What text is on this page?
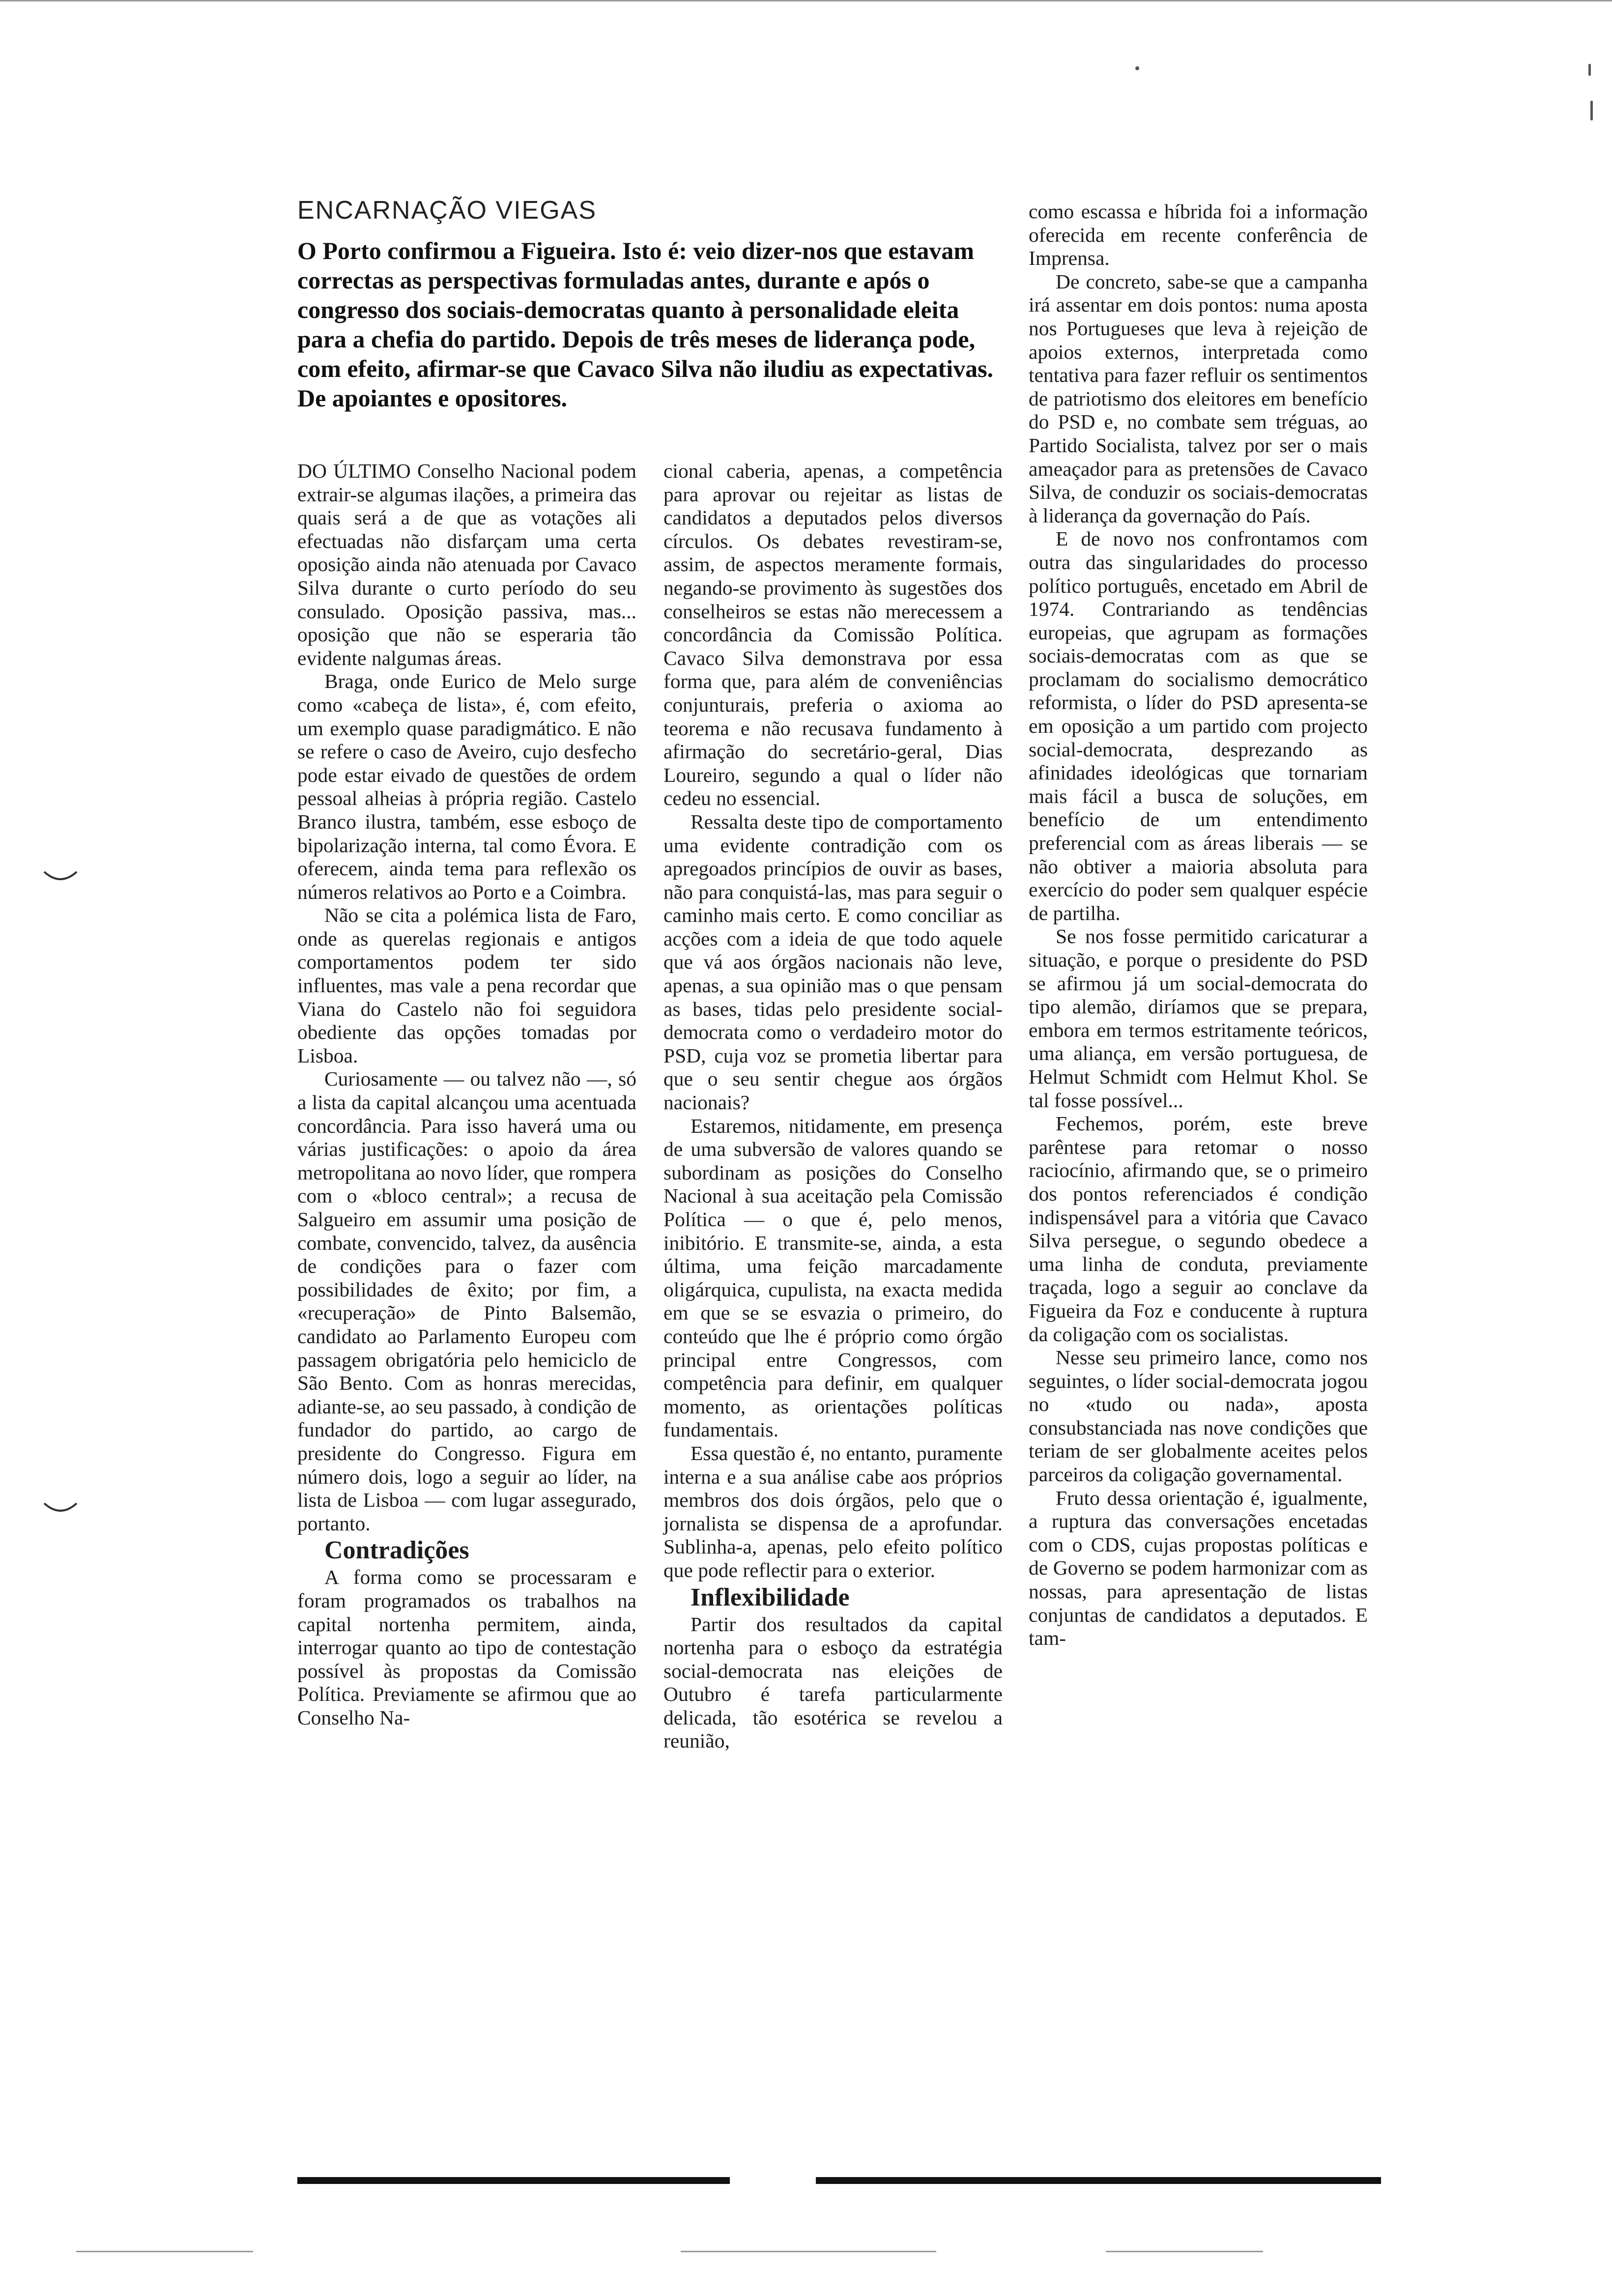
ENCARNAÇÃO VIEGAS
O Porto confirmou a Figueira. Isto é: veio dizer-nos que estavam correctas as perspectivas formuladas antes, durante e após o congresso dos sociais-democratas quanto à personalidade eleita para a chefia do partido. Depois de três meses de liderança pode, com efeito, afirmar-se que Cavaco Silva não iludiu as expectativas. De apoiantes e opositores.

DO ÚLTIMO Conselho Nacional podem extrair-se algumas ilações, a primeira das quais será a de que as votações ali efectuadas não disfarçam uma certa oposição ainda não atenuada por Cavaco Silva durante o curto período do seu consulado. Oposição passiva, mas... oposição que não se esperaria tão evidente nalgumas áreas.

Braga, onde Eurico de Melo surge como «cabeça de lista», é, com efeito, um exemplo quase paradigmático. E não se refere o caso de Aveiro, cujo desfecho pode estar eivado de questões de ordem pessoal alheias à própria região. Castelo Branco ilustra, também, esse esboço de bipolarização interna, tal como Évora. E oferecem, ainda tema para reflexão os números relativos ao Porto e a Coimbra.

Não se cita a polémica lista de Faro, onde as querelas regionais e antigos comportamentos podem ter sido influentes, mas vale a pena recordar que Viana do Castelo não foi seguidora obediente das opções tomadas por Lisboa.

Curiosamente — ou talvez não —, só a lista da capital alcançou uma acentuada concordância. Para isso haverá uma ou várias justificações: o apoio da área metropolitana ao novo líder, que rompera com o «bloco central»; a recusa de Salgueiro em assumir uma posição de combate, convencido, talvez, da ausência de condições para o fazer com possibilidades de êxito; por fim, a «recuperação» de Pinto Balsemão, candidato ao Parlamento Europeu com passagem obrigatória pelo hemiciclo de São Bento. Com as honras merecidas, adiante-se, ao seu passado, à condição de fundador do partido, ao cargo de presidente do Congresso. Figura em número dois, logo a seguir ao líder, na lista de Lisboa — com lugar assegurado, portanto.

Contradições

A forma como se processaram e foram programados os trabalhos na capital nortenha permitem, ainda, interrogar quanto ao tipo de contestação possível às propostas da Comissão Política. Previamente se afirmou que ao Conselho Na-

cional caberia, apenas, a competência para aprovar ou rejeitar as listas de candidatos a deputados pelos diversos círculos. Os debates revestiram-se, assim, de aspectos meramente formais, negando-se provimento às sugestões dos conselheiros se estas não merecessem a concordância da Comissão Política. Cavaco Silva demonstrava por essa forma que, para além de conveniências conjunturais, preferia o axioma ao teorema e não recusava fundamento à afirmação do secretário-geral, Dias Loureiro, segundo a qual o líder não cedeu no essencial.

Ressalta deste tipo de comportamento uma evidente contradição com os apregoados princípios de ouvir as bases, não para conquistá-las, mas para seguir o caminho mais certo. E como conciliar as acções com a ideia de que todo aquele que vá aos órgãos nacionais não leve, apenas, a sua opinião mas o que pensam as bases, tidas pelo presidente social-democrata como o verdadeiro motor do PSD, cuja voz se prometia libertar para que o seu sentir chegue aos órgãos nacionais?

Estaremos, nitidamente, em presença de uma subversão de valores quando se subordinam as posições do Conselho Nacional à sua aceitação pela Comissão Política — o que é, pelo menos, inibitório. E transmite-se, ainda, a esta última, uma feição marcadamente oligárquica, cupulista, na exacta medida em que se se esvazia o primeiro, do conteúdo que lhe é próprio como órgão principal entre Congressos, com competência para definir, em qualquer momento, as orientações políticas fundamentais.

Essa questão é, no entanto, puramente interna e a sua análise cabe aos próprios membros dos dois órgãos, pelo que o jornalista se dispensa de a aprofundar. Sublinha-a, apenas, pelo efeito político que pode reflectir para o exterior.

Inflexibilidade

Partir dos resultados da capital nortenha para o esboço da estratégia social-democrata nas eleições de Outubro é tarefa particularmente delicada, tão esotérica se revelou a reunião,

como escassa e híbrida foi a informação oferecida em recente conferência de Imprensa.

De concreto, sabe-se que a campanha irá assentar em dois pontos: numa aposta nos Portugueses que leva à rejeição de apoios externos, interpretada como tentativa para fazer refluir os sentimentos de patriotismo dos eleitores em benefício do PSD e, no combate sem tréguas, ao Partido Socialista, talvez por ser o mais ameaçador para as pretensões de Cavaco Silva, de conduzir os sociais-democratas à liderança da governação do País.

E de novo nos confrontamos com outra das singularidades do processo político português, encetado em Abril de 1974. Contrariando as tendências europeias, que agrupam as formações sociais-democratas com as que se proclamam do socialismo democrático reformista, o líder do PSD apresenta-se em oposição a um partido com projecto social-democrata, desprezando as afinidades ideológicas que tornariam mais fácil a busca de soluções, em benefício de um entendimento preferencial com as áreas liberais — se não obtiver a maioria absoluta para exercício do poder sem qualquer espécie de partilha.

Se nos fosse permitido caricaturar a situação, e porque o presidente do PSD se afirmou já um social-democrata do tipo alemão, diríamos que se prepara, embora em termos estritamente teóricos, uma aliança, em versão portuguesa, de Helmut Schmidt com Helmut Khol. Se tal fosse possível...

Fechemos, porém, este breve parêntese para retomar o nosso raciocínio, afirmando que, se o primeiro dos pontos referenciados é condição indispensável para a vitória que Cavaco Silva persegue, o segundo obedece a uma linha de conduta, previamente traçada, logo a seguir ao conclave da Figueira da Foz e conducente à ruptura da coligação com os socialistas.

Nesse seu primeiro lance, como nos seguintes, o líder social-democrata jogou no «tudo ou nada», aposta consubstanciada nas nove condições que teriam de ser globalmente aceites pelos parceiros da coligação governamental.

Fruto dessa orientação é, igualmente, a ruptura das conversações encetadas com o CDS, cujas propostas políticas e de Governo se podem harmonizar com as nossas, para apresentação de listas conjuntas de candidatos a deputados. E tam-
